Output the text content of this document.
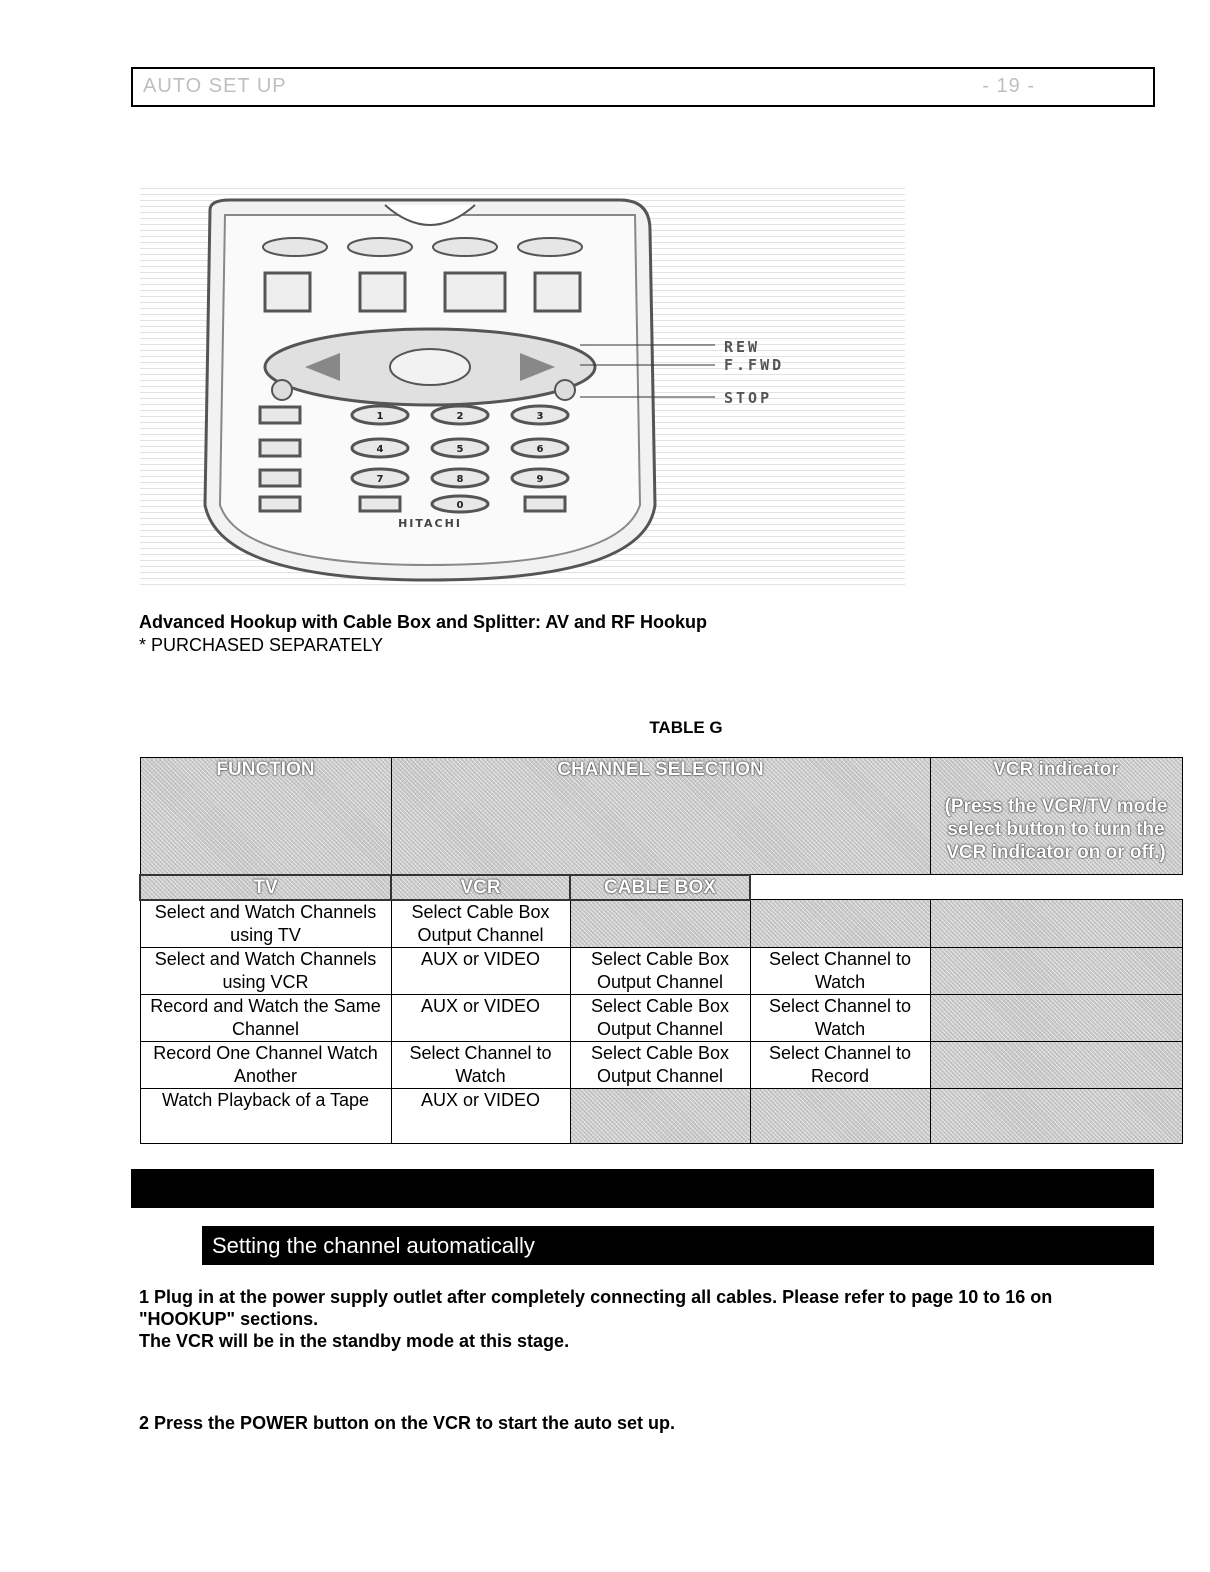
AUTO SET UP	- 19 -
1	2	3
4	5	6
7	8	9
0
HITACHI
REW
F.FWD
STOP
Advanced Hookup with Cable Box and Splitter: AV and RF Hookup
* PURCHASED SEPARATELY
TABLE G
FUNCTION	CHANNEL SELECTION			VCR indicator
(Press the VCR/TV mode select button to turn the VCR indicator on or off.)

TV	VCR	CABLE BOX		
Select and Watch Channels using TV	Select Cable Box Output Channel			
Select and Watch Channels using VCR	AUX or VIDEO	Select Cable Box Output Channel	Select Channel to Watch	
Record and Watch the Same Channel	AUX or VIDEO	Select Cable Box Output Channel	Select Channel to Watch	
Record One Channel Watch Another	Select Channel to Watch	Select Cable Box Output Channel	Select Channel to Record	
Watch Playback of a Tape	AUX or VIDEO			
Setting the channel automatically
1 Plug in at the power supply outlet after completely connecting all cables. Please refer to page 10 to 16 on "HOOKUP" sections.
The VCR will be in the standby mode at this stage.
2 Press the POWER button on the VCR to start the auto set up.
